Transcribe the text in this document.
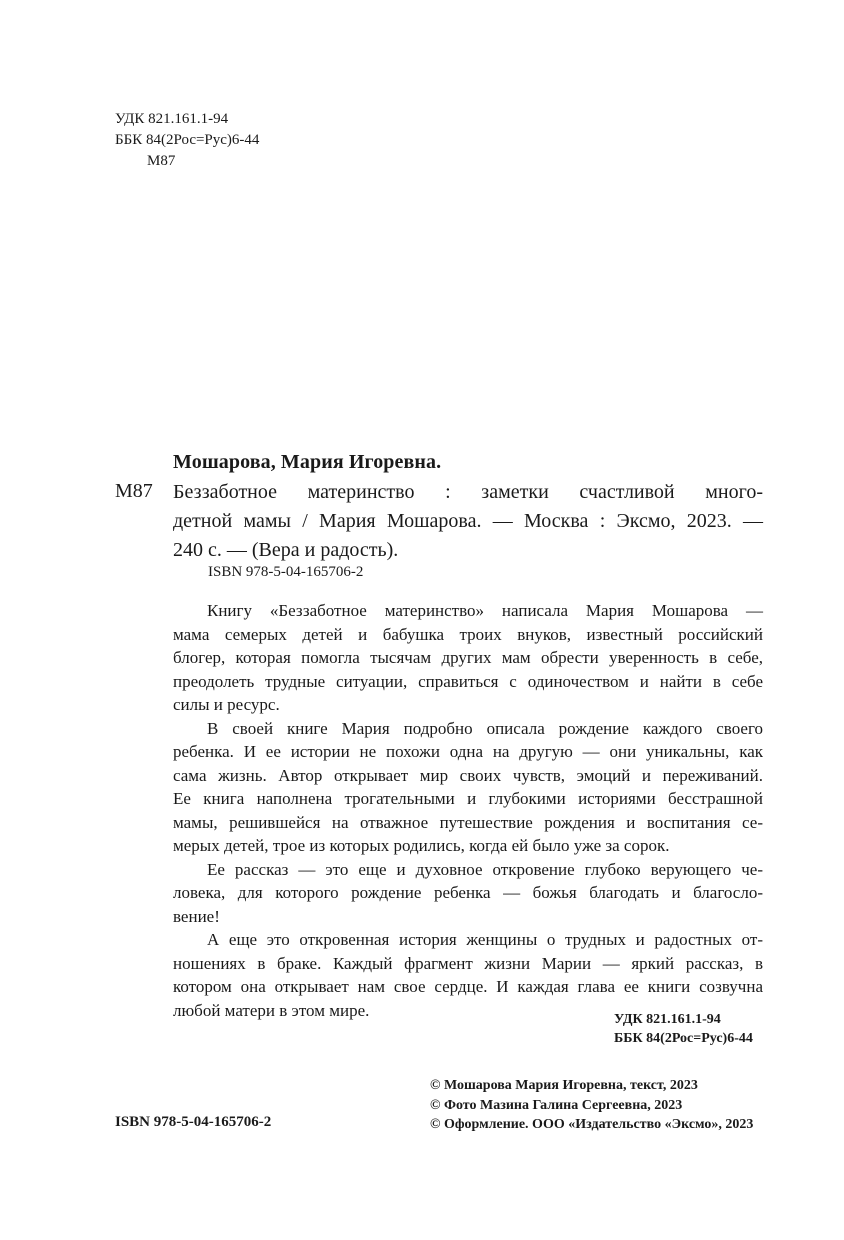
УДК 821.161.1-94
ББК 84(2Рос=Рус)6-44
М87
Мошарова, Мария Игоревна.
М87 Беззаботное материнство : заметки счастливой много-
детной мамы / Мария Мошарова. — Москва : Эксмо, 2023. —
240 с. — (Вера и радость).
ISBN 978-5-04-165706-2
Книгу «Беззаботное материнство» написала Мария Мошарова —
мама семерых детей и бабушка троих внуков, известный российский
блогер, которая помогла тысячам других мам обрести уверенность в себе,
преодолеть трудные ситуации, справиться с одиночеством и найти в себе
силы и ресурс.
В своей книге Мария подробно описала рождение каждого своего
ребенка. И ее истории не похожи одна на другую — они уникальны, как
сама жизнь. Автор открывает мир своих чувств, эмоций и переживаний.
Ее книга наполнена трогательными и глубокими историями бесстрашной
мамы, решившейся на отважное путешествие рождения и воспитания се-
мерых детей, трое из которых родились, когда ей было уже за сорок.
Ее рассказ — это еще и духовное откровение глубоко верующего че-
ловека, для которого рождение ребенка — божья благодать и благосло-
вение!
А еще это откровенная история женщины о трудных и радостных от-
ношениях в браке. Каждый фрагмент жизни Марии — яркий рассказ, в
котором она открывает нам свое сердце. И каждая глава ее книги созвучна
любой матери в этом мире.	УДК 821.161.1-94
ББК 84(2Рос=Рус)6-44
ISBN 978-5-04-165706-2
© Мошарова Мария Игоревна, текст, 2023
© Фото Мазина Галина Сергеевна, 2023
© Оформление. ООО «Издательство «Эксмо», 2023
